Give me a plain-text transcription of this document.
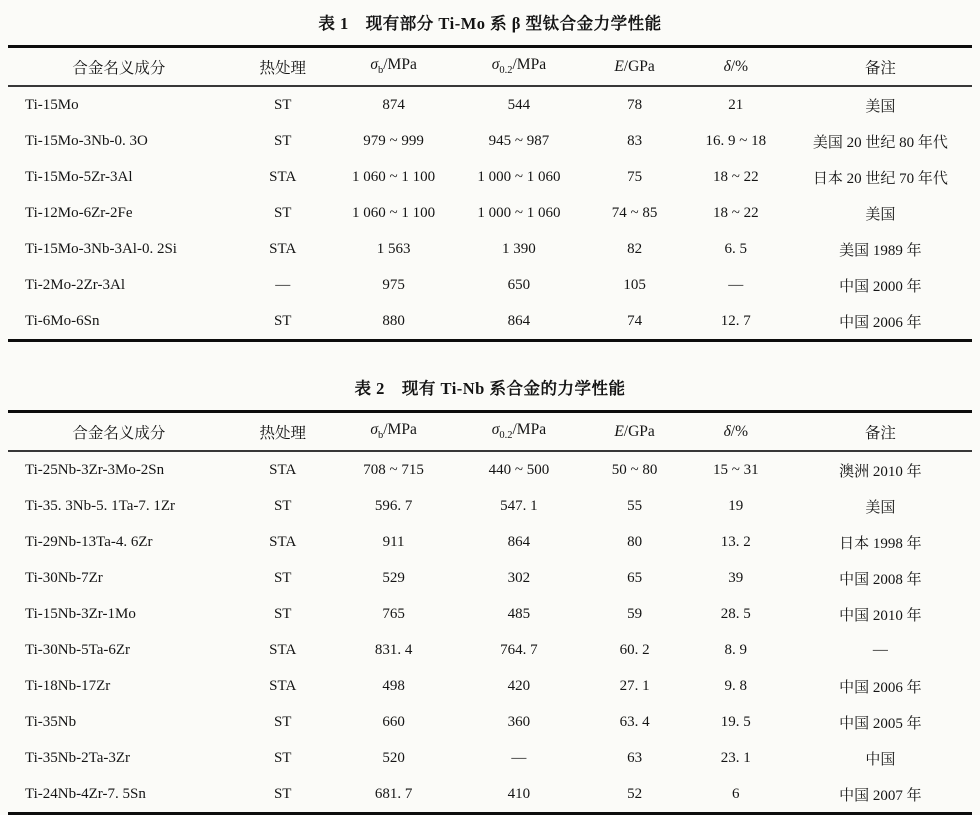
表 1　现有部分 Ti-Mo 系 β 型钛合金力学性能
合金名义成分	热处理	$\sigma_b$/MPa	$\sigma_{0.2}$/MPa	E/GPa	δ/%	备注
Ti-15Mo	ST	874	544	78	21	美国
Ti-15Mo-3Nb-0. 3O	ST	979 ~ 999	945 ~ 987	83	16. 9 ~ 18	美国 20 世纪 80 年代
Ti-15Mo-5Zr-3Al	STA	1 060 ~ 1 100	1 000 ~ 1 060	75	18 ~ 22	日本 20 世纪 70 年代
Ti-12Mo-6Zr-2Fe	ST	1 060 ~ 1 100	1 000 ~ 1 060	74 ~ 85	18 ~ 22	美国
Ti-15Mo-3Nb-3Al-0. 2Si	STA	1 563	1 390	82	6. 5	美国 1989 年
Ti-2Mo-2Zr-3Al	—	975	650	105	—	中国 2000 年
Ti-6Mo-6Sn	ST	880	864	74	12. 7	中国 2006 年
表 2　现有 Ti-Nb 系合金的力学性能
合金名义成分	热处理	$\sigma_b$/MPa	$\sigma_{0.2}$/MPa	E/GPa	δ/%	备注
Ti-25Nb-3Zr-3Mo-2Sn	STA	708 ~ 715	440 ~ 500	50 ~ 80	15 ~ 31	澳洲 2010 年
Ti-35. 3Nb-5. 1Ta-7. 1Zr	ST	596. 7	547. 1	55	19	美国
Ti-29Nb-13Ta-4. 6Zr	STA	911	864	80	13. 2	日本 1998 年
Ti-30Nb-7Zr	ST	529	302	65	39	中国 2008 年
Ti-15Nb-3Zr-1Mo	ST	765	485	59	28. 5	中国 2010 年
Ti-30Nb-5Ta-6Zr	STA	831. 4	764. 7	60. 2	8. 9	—
Ti-18Nb-17Zr	STA	498	420	27. 1	9. 8	中国 2006 年
Ti-35Nb	ST	660	360	63. 4	19. 5	中国 2005 年
Ti-35Nb-2Ta-3Zr	ST	520	—	63	23. 1	中国
Ti-24Nb-4Zr-7. 5Sn	ST	681. 7	410	52	6	中国 2007 年
